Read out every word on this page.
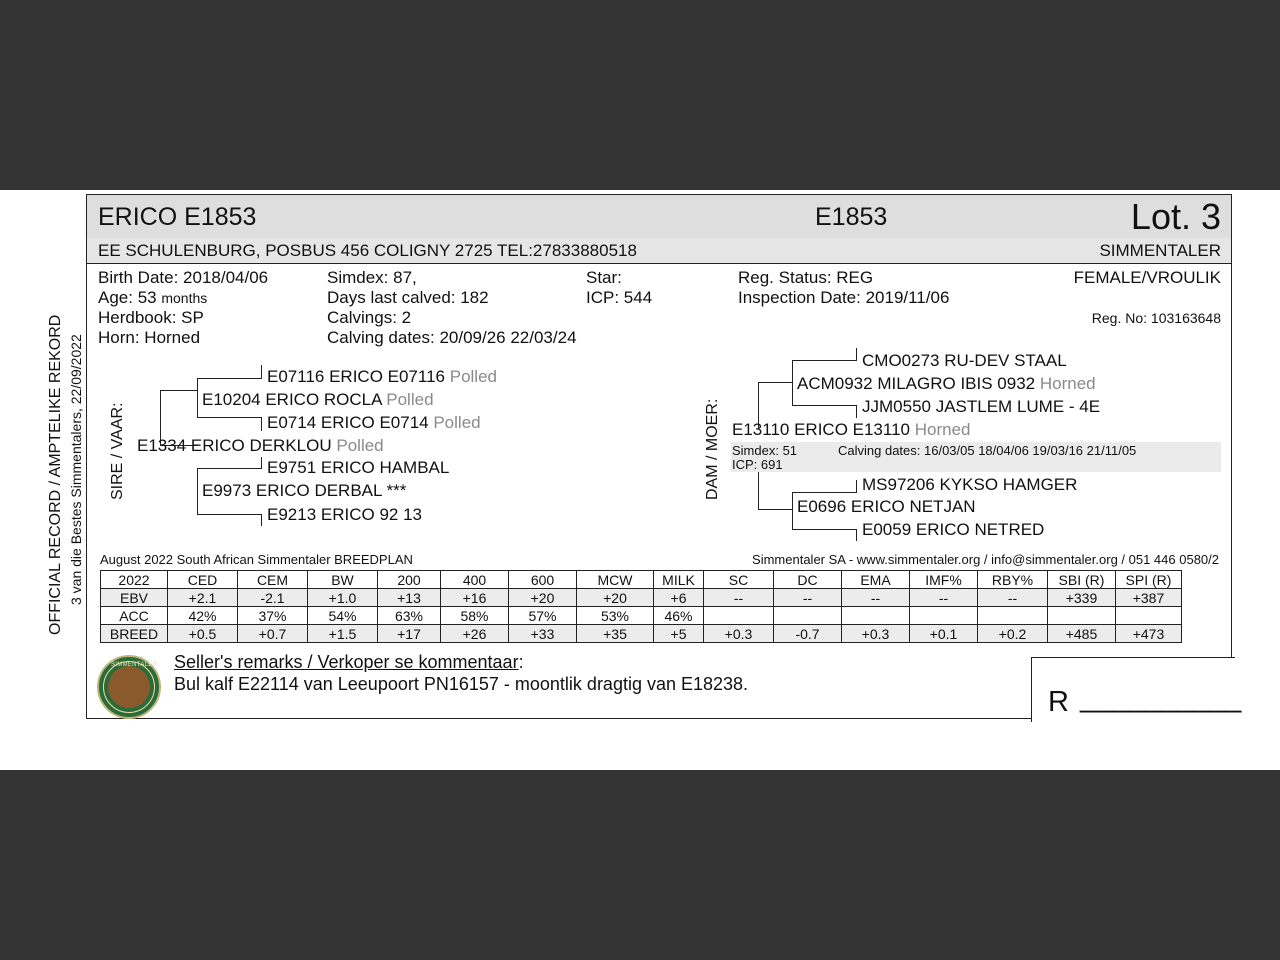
OFFICIAL RECORD / AMPTELIKE REKORD 3 van die Bestes Simmentalers, 22/09/2022
ERICO E1853	E1853	Lot. 3
EE SCHULENBURG, POSBUS 456 COLIGNY 2725 TEL:27833880518	SIMMENTALER
Birth Date: 2018/04/06
Age: 53 months
Herdbook: SP
Horn: Horned
Simdex: 87,
Days last calved: 182
Calvings: 2
Calving dates: 20/09/26 22/03/24
Star:
ICP: 544
Reg. Status: REG
Inspection Date: 2019/11/06
FEMALE/VROULIK
Reg. No: 103163648
SIRE / VAAR:
E07116 ERICO E07116 Polled
E10204 ERICO ROCLA Polled
E0714 ERICO E0714 Polled
E1334 ERICO DERKLOU Polled
E9751 ERICO HAMBAL
E9973 ERICO DERBAL ***
E9213 ERICO 92 13
DAM / MOER:
CMO0273 RU-DEV STAAL
ACM0932 MILAGRO IBIS 0932 Horned
JJM0550 JASTLEM LUME - 4E
E13110 ERICO E13110 Horned
Simdex: 51
ICP: 691
Calving dates: 16/03/05 18/04/06 19/03/16 21/11/05
MS97206 KYKSO HAMGER
E0696 ERICO NETJAN
E0059 ERICO NETRED
August 2022 South African Simmentaler BREEDPLAN	Simmentaler SA - www.simmentaler.org / info@simmentaler.org / 051 446 0580/2
2022	CED	CEM	BW	200	400	600	MCW	MILK	SC	DC	EMA	IMF%	RBY%	SBI (R)	SPI (R)
EBV	+2.1	-2.1	+1.0	+13	+16	+20	+20	+6	--	--	--	--	--	+339	+387
ACC	42%	37%	54%	63%	58%	57%	53%	46%							
BREED	+0.5	+0.7	+1.5	+17	+26	+33	+35	+5	+0.3	-0.7	+0.3	+0.1	+0.2	+485	+473
SIMMENTALER Seller's remarks / Verkoper se kommentaar:
Bul kalf E22114 van Leeupoort PN16157 - moontlik dragtig van E18238.
R __________
